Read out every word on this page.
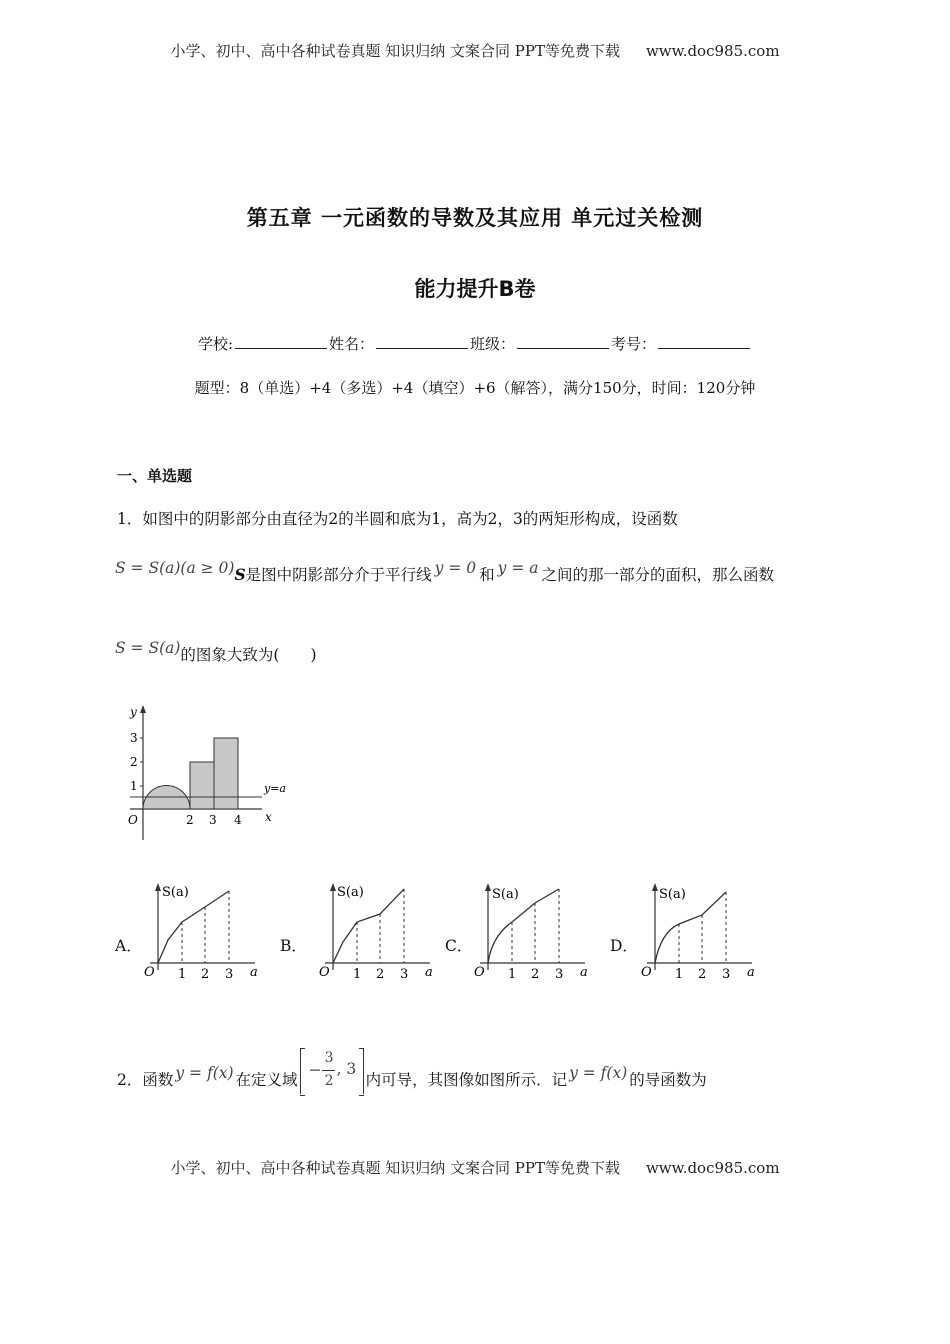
小学、初中、高中各种试卷真题 知识归纳 文案合同 PPT等免费下载 www.doc985.com
第五章 一元函数的导数及其应用 单元过关检测
能力提升B卷
学校:	姓名：	班级：	考号：
题型：8（单选）+4（多选）+4（填空）+6（解答），满分150分，时间：120分钟
一、单选题
1．如图中的阴影部分由直径为2的半圆和底为1，高为2，3的两矩形构成，设函数
S = S(a)(a ≥ 0)S是图中阴影部分介于平行线 y = 0 和 y = a 之间的那一部分的面积，那么函数
S = S(a)的图象大致为(　　)
y
1
2
3
O	2 3 4 x
y=a
A．	B．	C．	D．
S(a)
O 1 2 3 a
S(a)
O 1 2 3 a
S(a)
O 1 2 3 a
S(a)
O 1 2 3 a
2．函数 y = f(x) 在定义域
−
3
2
, 3
内可导，其图像如图所示．记 y = f(x) 的导函数为
小学、初中、高中各种试卷真题 知识归纳 文案合同 PPT等免费下载 www.doc985.com
